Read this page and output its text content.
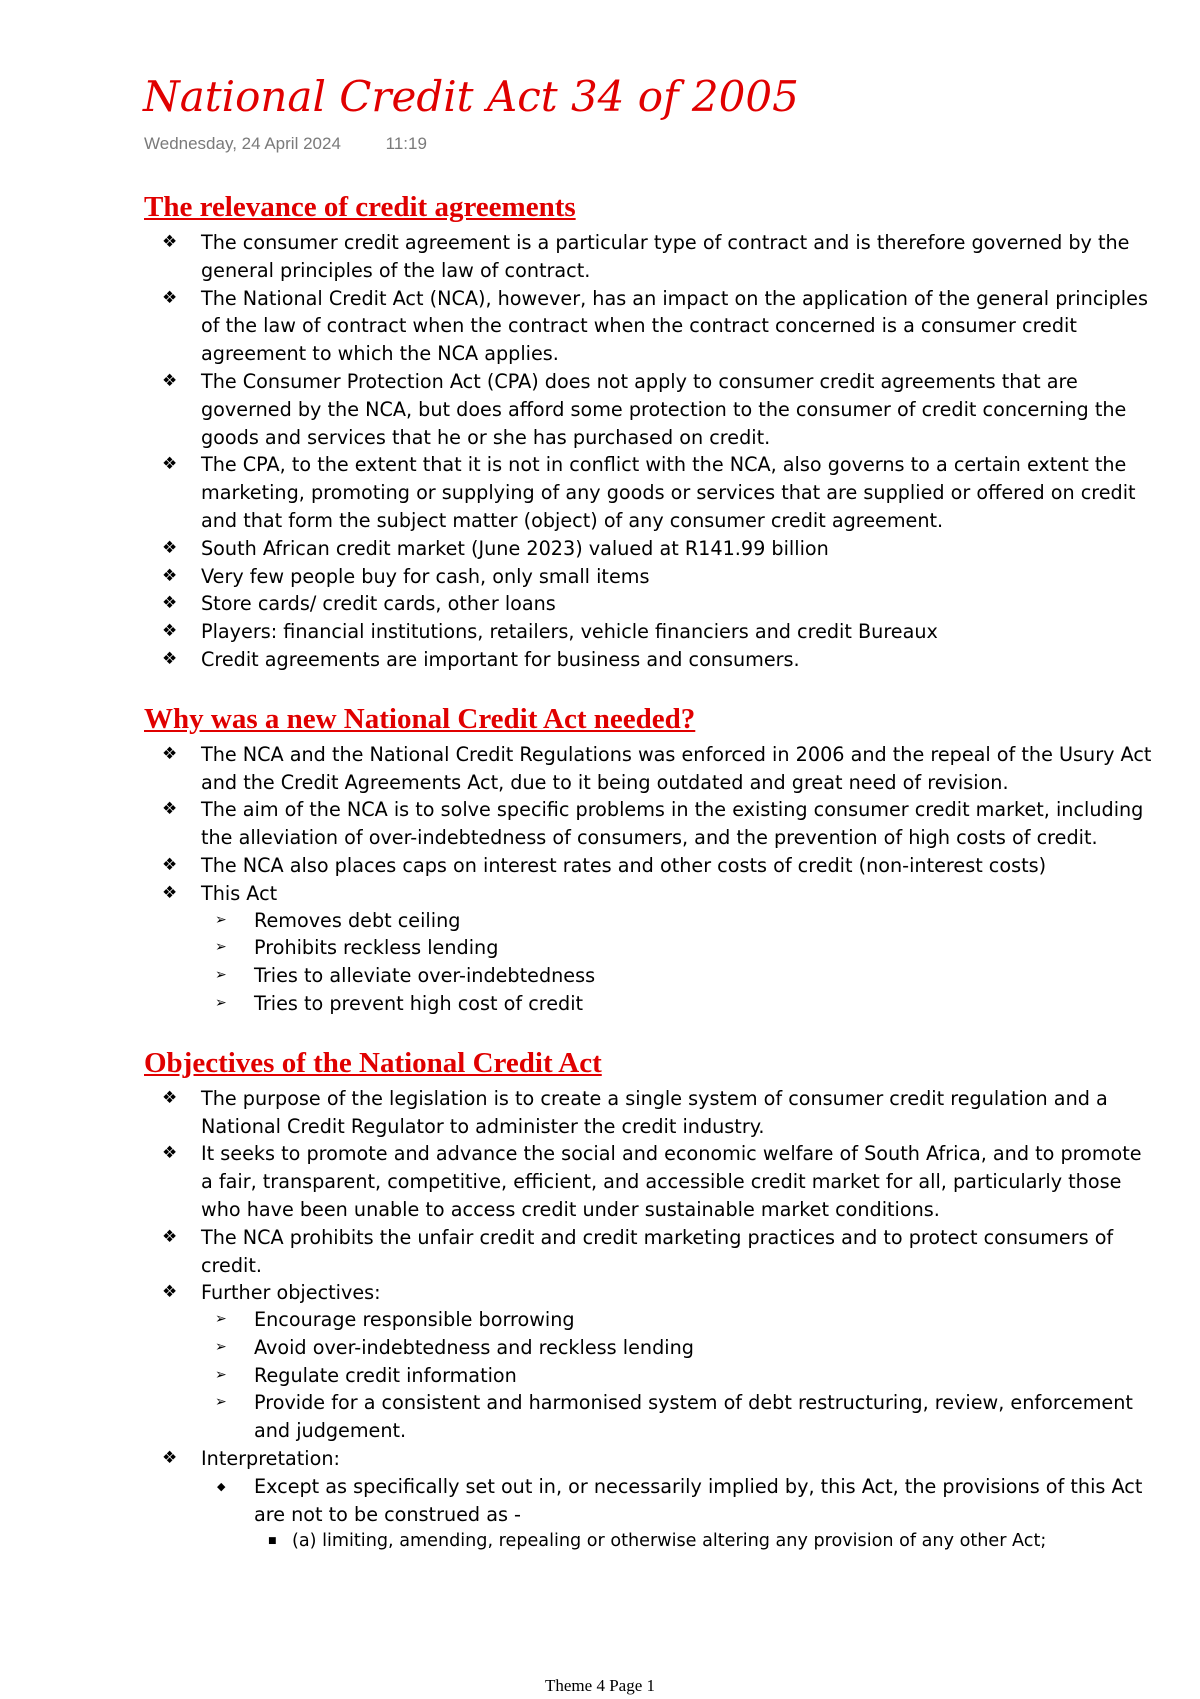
National Credit Act 34 of 2005
Wednesday, 24 April 2024	11:19
The relevance of credit agreements
❖ The consumer credit agreement is a particular type of contract and is therefore governed by the general principles of the law of contract.
❖ The National Credit Act (NCA), however, has an impact on the application of the general principles of the law of contract when the contract when the contract concerned is a consumer credit agreement to which the NCA applies.
❖ The Consumer Protection Act (CPA) does not apply to consumer credit agreements that are governed by the NCA, but does afford some protection to the consumer of credit concerning the goods and services that he or she has purchased on credit.
❖ The CPA, to the extent that it is not in conflict with the NCA, also governs to a certain extent the marketing, promoting or supplying of any goods or services that are supplied or offered on credit and that form the subject matter (object) of any consumer credit agreement.
❖ South African credit market (June 2023) valued at R141.99 billion
❖ Very few people buy for cash, only small items
❖ Store cards/ credit cards, other loans
❖ Players: financial institutions, retailers, vehicle financiers and credit Bureaux
❖ Credit agreements are important for business and consumers.
Why was a new National Credit Act needed?
❖ The NCA and the National Credit Regulations was enforced in 2006 and the repeal of the Usury Act and the Credit Agreements Act, due to it being outdated and great need of revision.
❖ The aim of the NCA is to solve specific problems in the existing consumer credit market, including the alleviation of over-indebtedness of consumers, and the prevention of high costs of credit.
❖ The NCA also places caps on interest rates and other costs of credit (non-interest costs)
❖ This Act
➢ Removes debt ceiling
➢ Prohibits reckless lending
➢ Tries to alleviate over-indebtedness
➢ Tries to prevent high cost of credit
Objectives of the National Credit Act
❖ The purpose of the legislation is to create a single system of consumer credit regulation and a National Credit Regulator to administer the credit industry.
❖ It seeks to promote and advance the social and economic welfare of South Africa, and to promote a fair, transparent, competitive, efficient, and accessible credit market for all, particularly those who have been unable to access credit under sustainable market conditions.
❖ The NCA prohibits the unfair credit and credit marketing practices and to protect consumers of credit.
❖ Further objectives:
➢ Encourage responsible borrowing
➢ Avoid over-indebtedness and reckless lending
➢ Regulate credit information
➢ Provide for a consistent and harmonised system of debt restructuring, review, enforcement and judgement.
❖ Interpretation:
◆ Except as specifically set out in, or necessarily implied by, this Act, the provisions of this Act are not to be construed as -
■ (a) limiting, amending, repealing or otherwise altering any provision of any other Act;
Theme 4 Page 1
